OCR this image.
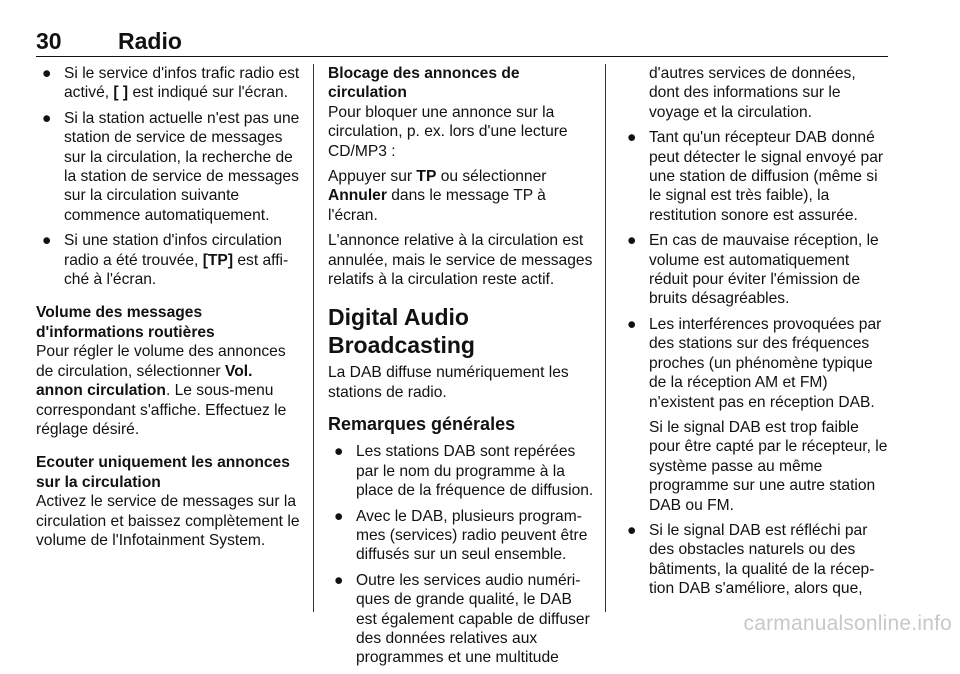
30 Radio
● Si le service d'infos trafic radio est activé, [ ] est indiqué sur l'écran.
● Si la station actuelle n'est pas une station de service de messages sur la circulation, la recherche de la station de service de messages sur la circulation suivante commence automatiquement.
● Si une station d'infos circulation radio a été trouvée, [TP] est affiché à l'écran.
Volume des messages d'informations routières

Pour régler le volume des annonces de circulation, sélectionner Vol. annon circulation. Le sous-menu correspondant s'affiche. Effectuez le réglage désiré.

Ecouter uniquement les annonces sur la circulation

Activez le service de messages sur la circulation et baissez complètement le volume de l'Infotainment System.

Blocage des annonces de circulation

Pour bloquer une annonce sur la circulation, p. ex. lors d'une lecture CD/MP3 :

Appuyer sur TP ou sélectionner Annuler dans le message TP à l'écran.

L'annonce relative à la circulation est annulée, mais le service de messages relatifs à la circulation reste actif.

Digital Audio Broadcasting

La DAB diffuse numériquement les stations de radio.

Remarques générales
● Les stations DAB sont repérées par le nom du programme à la place de la fréquence de diffusion.
● Avec le DAB, plusieurs programmes (services) radio peuvent être diffusés sur un seul ensemble.
● Outre les services audio numériques de grande qualité, le DAB est également capable de diffuser des données relatives aux programmes et une multitude

d'autres services de données, dont des informations sur le voyage et la circulation.

● Tant qu'un récepteur DAB donné peut détecter le signal envoyé par une station de diffusion (même si le signal est très faible), la restitution sonore est assurée.
● En cas de mauvaise réception, le volume est automatiquement réduit pour éviter l'émission de bruits désagréables.
● Les interférences provoquées par des stations sur des fréquences proches (un phénomène typique de la réception AM et FM) n'existent pas en réception DAB.
Si le signal DAB est trop faible pour être capté par le récepteur, le système passe au même programme sur une autre station DAB ou FM.
● Si le signal DAB est réfléchi par des obstacles naturels ou des bâtiments, la qualité de la réception DAB s'améliore, alors que,
carmanualsonline.info
